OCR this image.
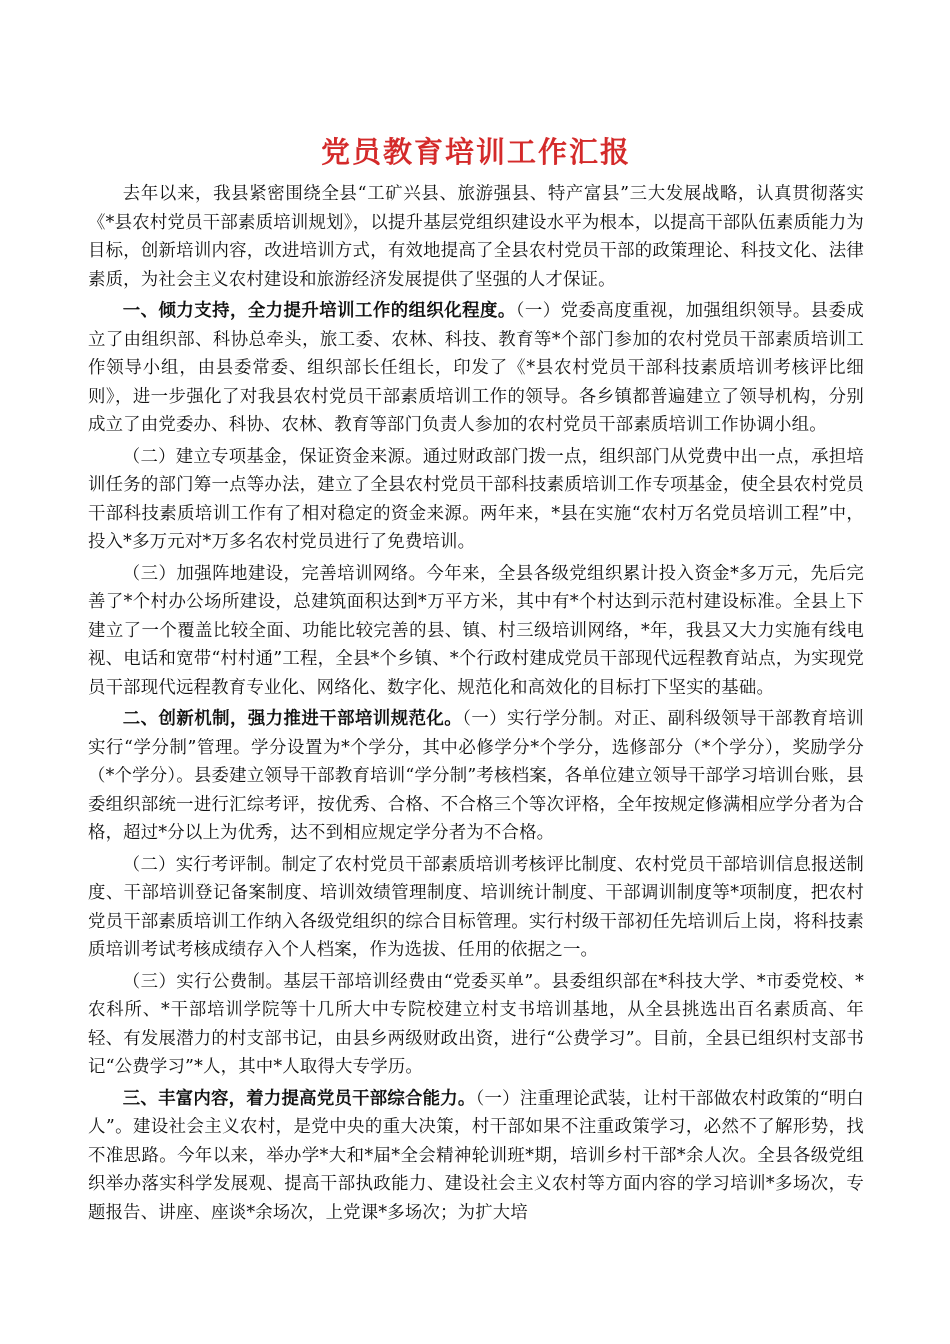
党员教育培训工作汇报

去年以来，我县紧密围绕全县“工矿兴县、旅游强县、特产富县”三大发展战略，认真贯彻落实《*县农村党员干部素质培训规划》，以提升基层党组织建设水平为根本，以提高干部队伍素质能力为目标，创新培训内容，改进培训方式，有效地提高了全县农村党员干部的政策理论、科技文化、法律素质，为社会主义农村建设和旅游经济发展提供了坚强的人才保证。

一、倾力支持，全力提升培训工作的组织化程度。（一）党委高度重视，加强组织领导。县委成立了由组织部、科协总牵头，旅工委、农林、科技、教育等*个部门参加的农村党员干部素质培训工作领导小组，由县委常委、组织部长任组长，印发了《*县农村党员干部科技素质培训考核评比细则》，进一步强化了对我县农村党员干部素质培训工作的领导。各乡镇都普遍建立了领导机构，分别成立了由党委办、科协、农林、教育等部门负责人参加的农村党员干部素质培训工作协调小组。

（二）建立专项基金，保证资金来源。通过财政部门拨一点，组织部门从党费中出一点，承担培训任务的部门筹一点等办法，建立了全县农村党员干部科技素质培训工作专项基金，使全县农村党员干部科技素质培训工作有了相对稳定的资金来源。两年来，*县在实施“农村万名党员培训工程”中，投入*多万元对*万多名农村党员进行了免费培训。

（三）加强阵地建设，完善培训网络。今年来，全县各级党组织累计投入资金*多万元，先后完善了*个村办公场所建设，总建筑面积达到*万平方米，其中有*个村达到示范村建设标准。全县上下建立了一个覆盖比较全面、功能比较完善的县、镇、村三级培训网络，*年，我县又大力实施有线电视、电话和宽带“村村通”工程，全县*个乡镇、*个行政村建成党员干部现代远程教育站点，为实现党员干部现代远程教育专业化、网络化、数字化、规范化和高效化的目标打下坚实的基础。

二、创新机制，强力推进干部培训规范化。（一）实行学分制。对正、副科级领导干部教育培训实行“学分制”管理。学分设置为*个学分，其中必修学分*个学分，选修部分（*个学分），奖励学分（*个学分）。县委建立领导干部教育培训“学分制”考核档案，各单位建立领导干部学习培训台账，县委组织部统一进行汇综考评，按优秀、合格、不合格三个等次评格，全年按规定修满相应学分者为合格，超过*分以上为优秀，达不到相应规定学分者为不合格。

（二）实行考评制。制定了农村党员干部素质培训考核评比制度、农村党员干部培训信息报送制度、干部培训登记备案制度、培训效绩管理制度、培训统计制度、干部调训制度等*项制度，把农村党员干部素质培训工作纳入各级党组织的综合目标管理。实行村级干部初任先培训后上岗，将科技素质培训考试考核成绩存入个人档案，作为选拔、任用的依据之一。

（三）实行公费制。基层干部培训经费由“党委买单”。县委组织部在*科技大学、*市委党校、*农科所、*干部培训学院等十几所大中专院校建立村支书培训基地，从全县挑选出百名素质高、年轻、有发展潜力的村支部书记，由县乡两级财政出资，进行“公费学习”。目前，全县已组织村支部书记“公费学习”*人，其中*人取得大专学历。

三、丰富内容，着力提高党员干部综合能力。（一）注重理论武装，让村干部做农村政策的“明白人”。建设社会主义农村，是党中央的重大决策，村干部如果不注重政策学习，必然不了解形势，找不准思路。今年以来，举办学*大和*届*全会精神轮训班*期，培训乡村干部*余人次。全县各级党组织举办落实科学发展观、提高干部执政能力、建设社会主义农村等方面内容的学习培训*多场次，专题报告、讲座、座谈*余场次，上党课*多场次；为扩大培
